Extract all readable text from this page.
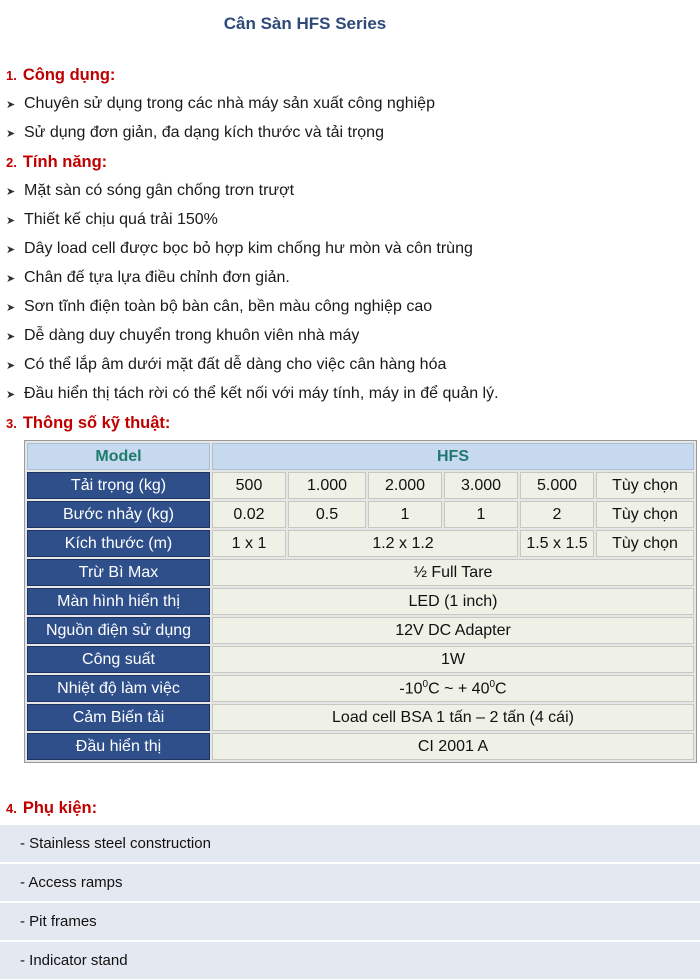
Cân Sàn HFS Series
1. Công dụng:
➤ Chuyên sử dụng trong các nhà máy sản xuất công nghiệp
➤ Sử dụng đơn giản, đa dạng kích thước và tải trọng
2. Tính năng:
➤ Mặt sàn có sóng gân chống trơn trượt
➤ Thiết kế chịu quá trải 150%
➤ Dây load cell được bọc bỏ hợp kim chống hư mòn và côn trùng
➤ Chân đế tựa lựa điều chỉnh đơn giản.
➤ Sơn tĩnh điện toàn bộ bàn cân, bền màu công nghiệp cao
➤ Dễ dàng duy chuyển trong khuôn viên nhà máy
➤ Có thể lắp âm dưới mặt đất dễ dàng cho việc cân hàng hóa
➤ Đầu hiển thị tách rời có thể kết nối với máy tính, máy in để quản lý.
3. Thông số kỹ thuật:
Model	HFS					
Tải trọng (kg)	500	1.000	2.000	3.000	5.000	Tùy chọn
Bước nhảy (kg)	0.02	0.5	1	1	2	Tùy chọn
Kích thước (m)	1 x 1	1.2 x 1.2			1.5 x 1.5	Tùy chọn
Trừ Bì Max	½ Full Tare					
Màn hình hiển thị	LED (1 inch)					
Nguồn điện sử dụng	12V DC Adapter					
Công suất	1W					
Nhiệt độ làm việc	$-10^0C$ ~ + $40^0C$					
Cảm Biến tải	Load cell BSA 1 tấn – 2 tấn (4 cái)					
Đầu hiển thị	CI 2001 A					
4. Phụ kiện:
- Stainless steel construction
- Access ramps
- Pit frames
- Indicator stand
